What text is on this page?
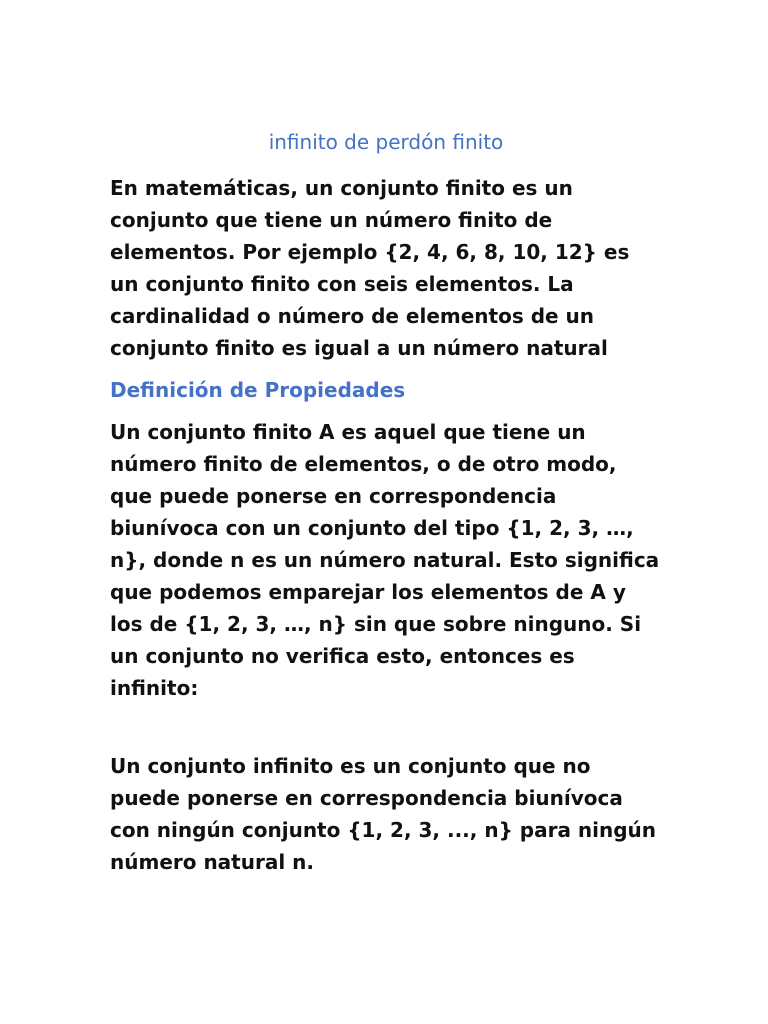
infinito de perdón finito

En matemáticas, un conjunto finito es un conjunto que tiene un número finito de elementos. Por ejemplo {2, 4, 6, 8, 10, 12} es un conjunto finito con seis elementos. La cardinalidad o número de elementos de un conjunto finito es igual a un número natural

Definición de Propiedades

Un conjunto finito A es aquel que tiene un número finito de elementos, o de otro modo, que puede ponerse en correspondencia biunívoca con un conjunto del tipo {1, 2, 3, …, n}, donde n es un número natural. Esto significa que podemos emparejar los elementos de A y los de {1, 2, 3, …, n} sin que sobre ninguno. Si un conjunto no verifica esto, entonces es infinito:

Un conjunto infinito es un conjunto que no puede ponerse en correspondencia biunívoca con ningún conjunto {1, 2, 3, ..., n} para ningún número natural n.
